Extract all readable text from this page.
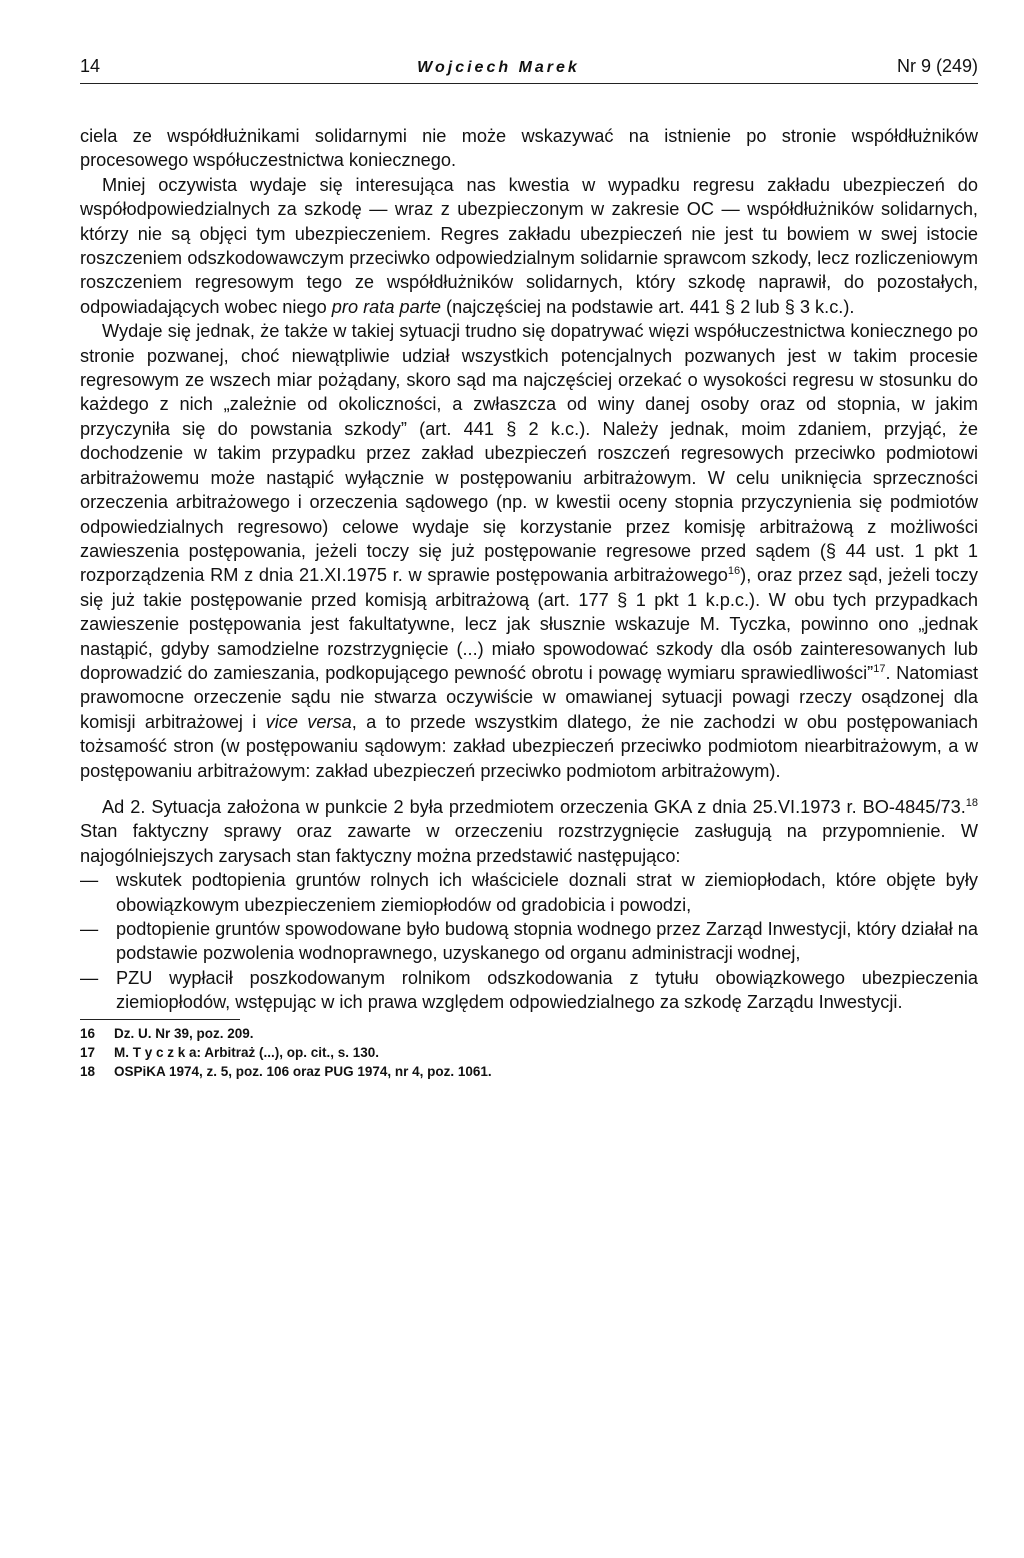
14	Wojciech Marek	Nr 9 (249)

ciela ze współdłużnikami solidarnymi nie może wskazywać na istnienie po stronie współdłużników procesowego współuczestnictwa koniecznego.

Mniej oczywista wydaje się interesująca nas kwestia w wypadku regresu zakładu ubezpieczeń do współodpowiedzialnych za szkodę — wraz z ubezpieczonym w zakresie OC — współdłużników solidarnych, którzy nie są objęci tym ubezpieczeniem. Regres zakładu ubezpieczeń nie jest tu bowiem w swej istocie roszczeniem odszkodowawczym przeciwko odpowiedzialnym solidarnie sprawcom szkody, lecz rozliczeniowym roszczeniem regresowym tego ze współdłużników solidarnych, który szkodę naprawił, do pozostałych, odpowiadających wobec niego pro rata parte (najczęściej na podstawie art. 441 § 2 lub § 3 k.c.).

Wydaje się jednak, że także w takiej sytuacji trudno się dopatrywać więzi współuczestnictwa koniecznego po stronie pozwanej, choć niewątpliwie udział wszystkich potencjalnych pozwanych jest w takim procesie regresowym ze wszech miar pożądany, skoro sąd ma najczęściej orzekać o wysokości regresu w stosunku do każdego z nich „zależnie od okoliczności, a zwłaszcza od winy danej osoby oraz od stopnia, w jakim przyczyniła się do powstania szkody” (art. 441 § 2 k.c.). Należy jednak, moim zdaniem, przyjąć, że dochodzenie w takim przypadku przez zakład ubezpieczeń roszczeń regresowych przeciwko podmiotowi arbitrażowemu może nastąpić wyłącznie w postępowaniu arbitrażowym. W celu uniknięcia sprzeczności orzeczenia arbitrażowego i orzeczenia sądowego (np. w kwestii oceny stopnia przyczynienia się podmiotów odpowiedzialnych regresowo) celowe wydaje się korzystanie przez komisję arbitrażową z możliwości zawieszenia postępowania, jeżeli toczy się już postępowanie regresowe przed sądem (§ 44 ust. 1 pkt 1 rozporządzenia RM z dnia 21.XI.1975 r. w sprawie postępowania arbitrażowego$^{16}$), oraz przez sąd, jeżeli toczy się już takie postępowanie przed komisją arbitrażową (art. 177 § 1 pkt 1 k.p.c.). W obu tych przypadkach zawieszenie postępowania jest fakultatywne, lecz jak słusznie wskazuje M. Tyczka, powinno ono „jednak nastąpić, gdyby samodzielne rozstrzygnięcie (...) miało spowodować szkody dla osób zainteresowanych lub doprowadzić do zamieszania, podkopującego pewność obrotu i powagę wymiaru sprawiedliwości”$^{17}$. Natomiast prawomocne orzeczenie sądu nie stwarza oczywiście w omawianej sytuacji powagi rzeczy osądzonej dla komisji arbitrażowej i vice versa, a to przede wszystkim dlatego, że nie zachodzi w obu postępowaniach tożsamość stron (w postępowaniu sądowym: zakład ubezpieczeń przeciwko podmiotom niearbitrażowym, a w postępowaniu arbitrażowym: zakład ubezpieczeń przeciwko podmiotom arbitrażowym).

Ad 2. Sytuacja założona w punkcie 2 była przedmiotem orzeczenia GKA z dnia 25.VI.1973 r. BO-4845/73.18 Stan faktyczny sprawy oraz zawarte w orzeczeniu rozstrzygnięcie zasługują na przypomnienie. W najogólniejszych zarysach stan faktyczny można przedstawić następująco:

— wskutek podtopienia gruntów rolnych ich właściciele doznali strat w ziemiopłodach, które objęte były obowiązkowym ubezpieczeniem ziemiopłodów od gradobicia i powodzi,
— podtopienie gruntów spowodowane było budową stopnia wodnego przez Zarząd Inwestycji, który działał na podstawie pozwolenia wodnoprawnego, uzyskanego od organu administracji wodnej,
— PZU wypłacił poszkodowanym rolnikom odszkodowania z tytułu obowiązkowego ubezpieczenia ziemiopłodów, wstępując w ich prawa względem odpowiedzialnego za szkodę Zarządu Inwestycji.
16	Dz. U. Nr 39, poz. 209.
17	M. T y c z k a: Arbitraż (...), op. cit., s. 130.
18	OSPiKA 1974, z. 5, poz. 106 oraz PUG 1974, nr 4, poz. 1061.
